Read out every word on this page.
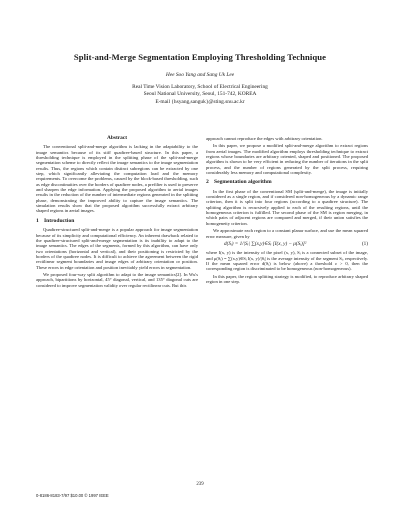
Split-and-Merge Segmentation Employing Thresholding Technique
Hee Soo Yang and Sang Uk Lee
Real Time Vision Laboratory, School of Electrical Engineering
Seoul National University, Seoul, 151-742, KOREA
E-mail {hsyang,sanguk}@sting.snu.ac.kr
Abstract

The conventional split-and-merge algorithm is lacking in the adaptability to the image semantics because of its stiff quadtree-based structure. In this paper, a thresholding technique is employed in the splitting phase of the split-and-merge segmentation scheme to directly reflect the image semantics to the image segmentation results. Thus, the regions which contain distinct subregions can be extracted by one step, which significantly alleviating the computation load and the memory requirements. To overcome the problems, caused by the block-based thresholding, such as edge discontinuities over the borders of quadtree nodes, a prefilter is used to preserve and sharpen the edge information. Applying the proposed algorithm to aerial images results in the reduction of the number of intermediate regions generated in the splitting phase, demonstrating the improved ability to capture the image semantics. The simulation results show that the proposed algorithm successfully extract arbitrary shaped regions in aerial images.

1 Introduction

Quadtree-structured split-and-merge is a popular approach for image segmentation because of its simplicity and computational efficiency. An inherent drawback related to the quadtree-structured split-and-merge segmentation is its inability to adapt to the image semantics. The edges of the segments, formed by this algorithm, can have only two orientations (horizontal and vertical), and their positioning is restricted by the borders of the quadtree nodes. It is difficult to achieve the agreement between the rigid rectilinear segment boundaries and image edges of arbitrary orientation or position. These errors in edge orientation and position inevitably yield errors in segmentation.

We proposed four-way split algorithm to adapt to the image semantics[2]. In Wu's approach, bipartitions by horizontal, 45° diagonal, vertical, and 135° diagonal cuts are considered to improve segmentation validity over regular rectilinear cuts. But this

approach cannot reproduce the edges with arbitrary orientation.

In this paper, we propose a modified split-and-merge algorithm to extract regions from aerial images. The modified algorithm employs thresholding technique to extract regions whose boundaries are arbitrary oriented, shaped and positioned. The proposed algorithm is shown to be very efficient in reducing the number of iterations in the split process, and the number of regions generated by the split process, requiring considerably less memory and computational complexity.

2 Segmentation algorithm

In the first phase of the conventional SM (split-and-merge), the image is initially considered as a single region, and if considered non-homogeneous by a dynamic range criterion, then it is split into four regions (according to a quadtree structure). The splitting algorithm is recursively applied to each of the resulting regions, until the homogeneous criterion is fulfilled. The second phase of the SM is region merging, in which pairs of adjacent regions are compared and merged, if their union satisfies the homogeneity criterion.

We approximate each region to a constant planar surface, and use the mean squared error measure, given by

d(Sᵢ) = 1/|Sᵢ| ∑(x,y)∈Sᵢ [I(x, y) − μ(Sᵢ)]²	(1)

where I(x, y) is the intensity of the pixel (x, y), Sᵢ is a connected subset of the image, and μ(Sᵢ) = ∑(x,y)∈Sᵢ I(x, y)/|Sᵢ| is the average intensity of the segment Sᵢ, respectively. If the mean squared error d(Sᵢ) is below (above) a threshold ε > 0, then the corresponding region is discriminated to be homogeneous (non-homogeneous).

In this paper, the region splitting strategy is modified, to reproduce arbitrary shaped region in one step.

239
0-8186-8183-7/97 $10.00 © 1997 IEEE
